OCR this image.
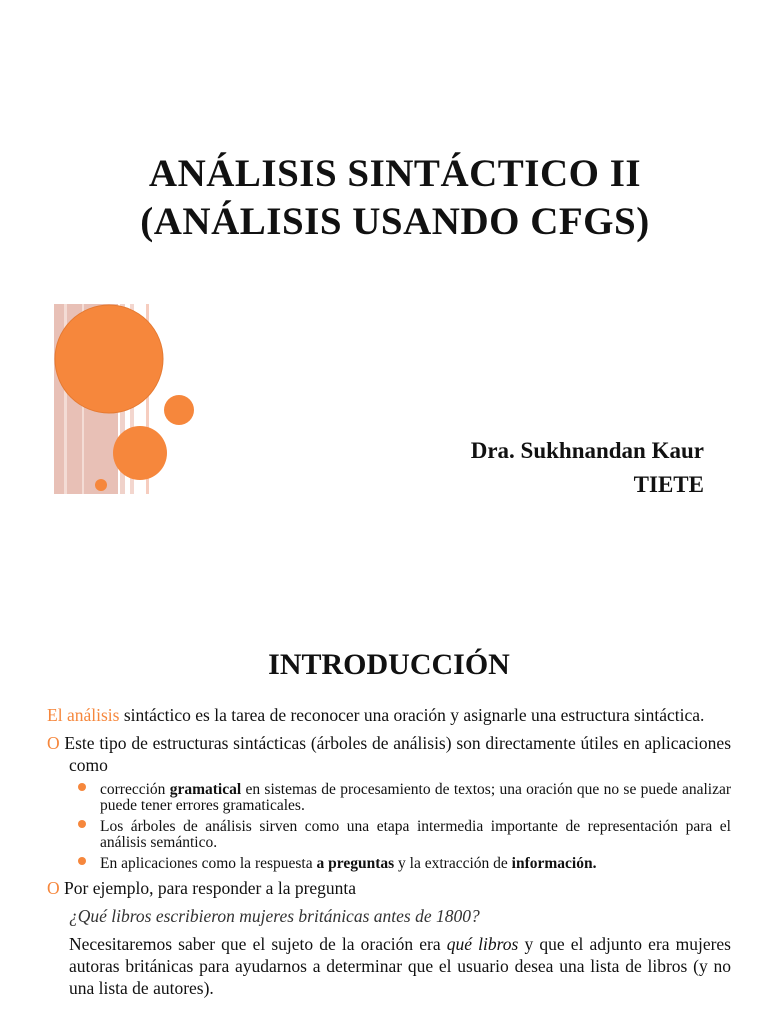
ANÁLISIS SINTÁCTICO II
(ANÁLISIS USANDO CFGS)
Dra. Sukhnandan Kaur
TIETE
INTRODUCCIÓN

El análisis sintáctico es la tarea de reconocer una oración y asignarle una estructura sintáctica.

O Este tipo de estructuras sintácticas (árboles de análisis) son directamente útiles en aplicaciones como

corrección gramatical en sistemas de procesamiento de textos; una oración que no se puede analizar puede tener errores gramaticales.
Los árboles de análisis sirven como una etapa intermedia importante de representación para el análisis semántico.
En aplicaciones como la respuesta a preguntas y la extracción de información.

O Por ejemplo, para responder a la pregunta

¿Qué libros escribieron mujeres británicas antes de 1800?

Necesitaremos saber que el sujeto de la oración era qué libros y que el adjunto era mujeres autoras británicas para ayudarnos a determinar que el usuario desea una lista de libros (y no una lista de autores).
